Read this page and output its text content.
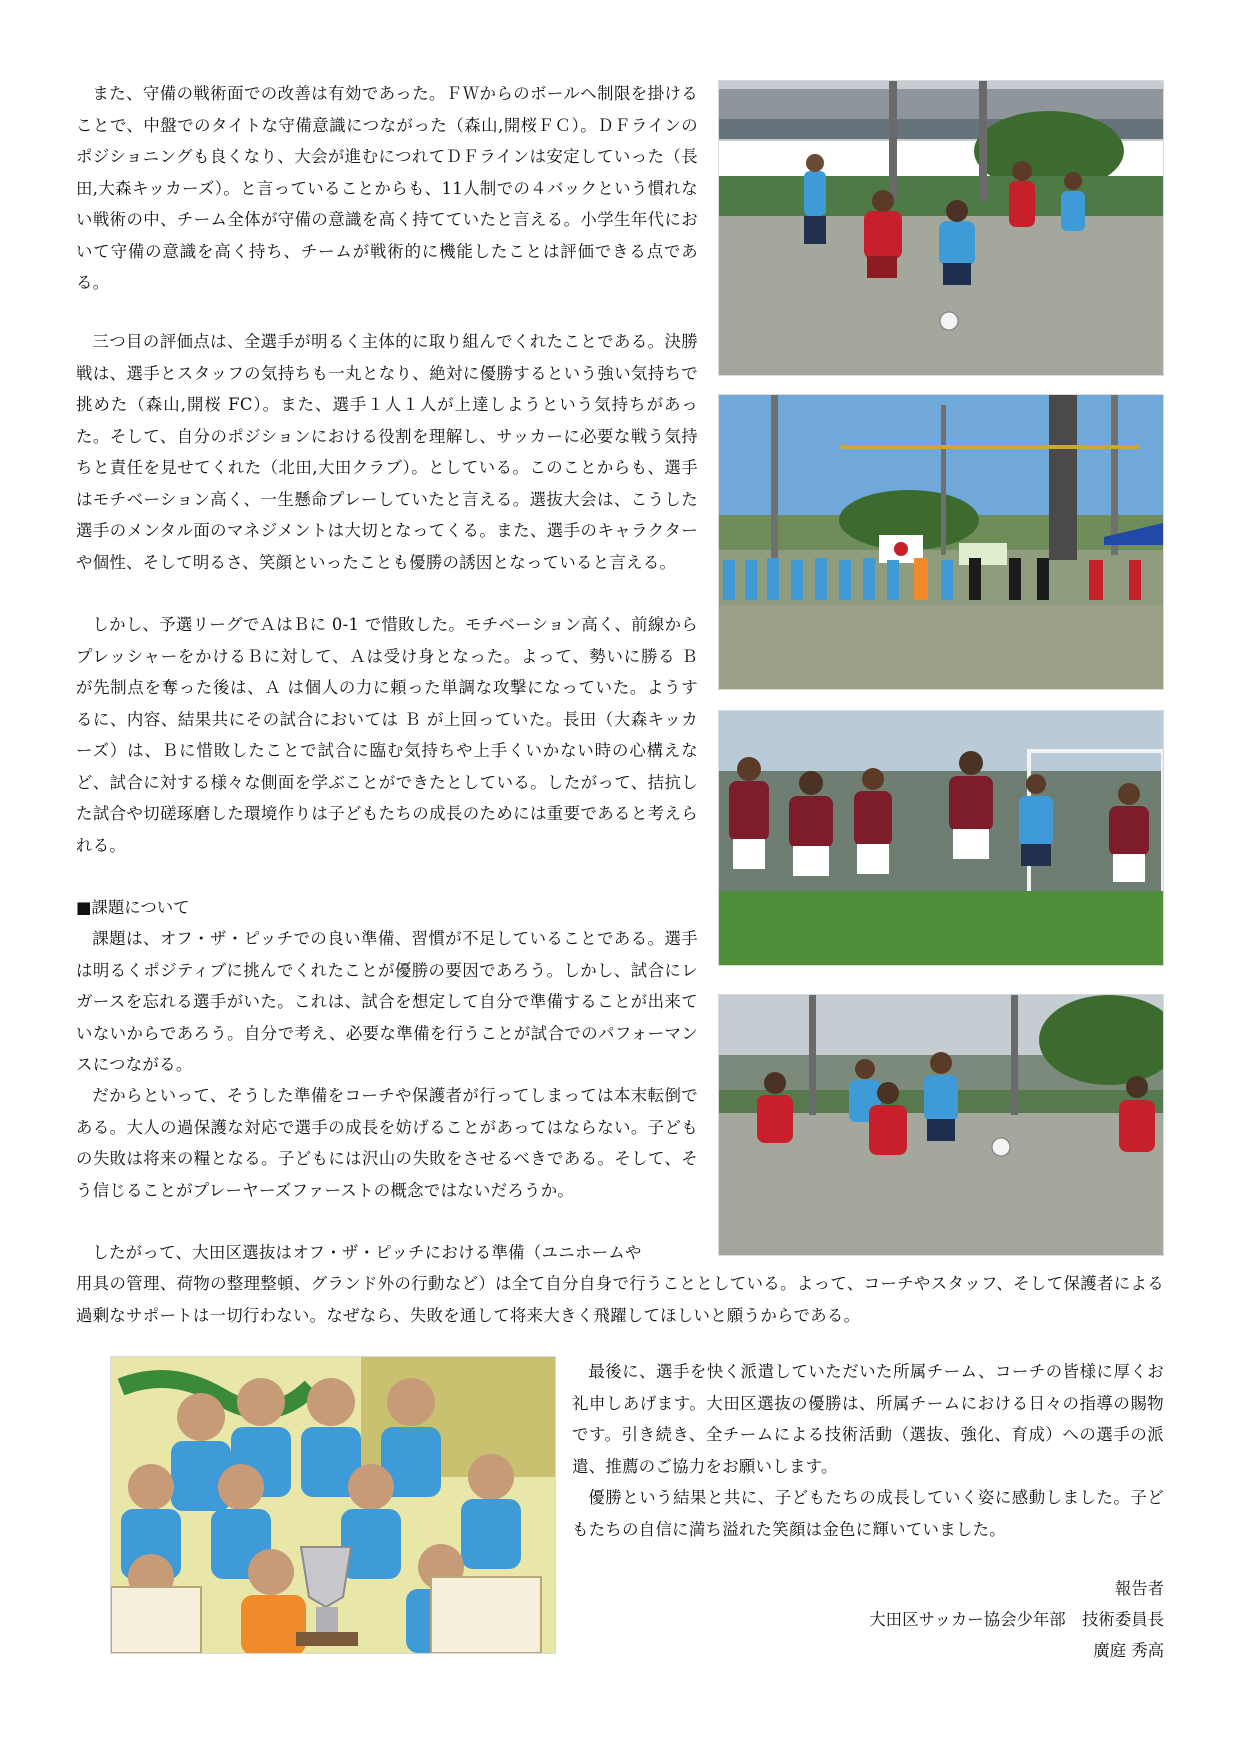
また、守備の戦術面での改善は有効であった。ＦＷからのボールへ制限を掛けることで、中盤でのタイトな守備意識につながった（森山,開桜ＦＣ）。ＤＦラインのポジショニングも良くなり、大会が進むにつれてＤＦラインは安定していった（長田,大森キッカーズ）。と言っていることからも、11人制での４バックという慣れない戦術の中、チーム全体が守備の意識を高く持てていたと言える。小学生年代において守備の意識を高く持ち、チームが戦術的に機能したことは評価できる点である。

三つ目の評価点は、全選手が明るく主体的に取り組んでくれたことである。決勝戦は、選手とスタッフの気持ちも一丸となり、絶対に優勝するという強い気持ちで挑めた（森山,開桜 FC）。また、選手１人１人が上達しようという気持ちがあった。そして、自分のポジションにおける役割を理解し、サッカーに必要な戦う気持ちと責任を見せてくれた（北田,大田クラブ）。としている。このことからも、選手はモチベーション高く、一生懸命プレーしていたと言える。選抜大会は、こうした選手のメンタル面のマネジメントは大切となってくる。また、選手のキャラクターや個性、そして明るさ、笑顔といったことも優勝の誘因となっていると言える。

しかし、予選リーグでＡはＢに 0-1 で惜敗した。モチベーション高く、前線からプレッシャーをかけるＢに対して、Ａは受け身となった。よって、勢いに勝る Ｂ が先制点を奪った後は、Ａ は個人の力に頼った単調な攻撃になっていた。ようするに、内容、結果共にその試合においては Ｂ が上回っていた。長田（大森キッカーズ）は、Ｂに惜敗したことで試合に臨む気持ちや上手くいかない時の心構えなど、試合に対する様々な側面を学ぶことができたとしている。したがって、拮抗した試合や切磋琢磨した環境作りは子どもたちの成長のためには重要であると考えられる。

■課題について

課題は、オフ・ザ・ピッチでの良い準備、習慣が不足していることである。選手は明るくポジティブに挑んでくれたことが優勝の要因であろう。しかし、試合にレガースを忘れる選手がいた。これは、試合を想定して自分で準備することが出来ていないからであろう。自分で考え、必要な準備を行うことが試合でのパフォーマンスにつながる。

だからといって、そうした準備をコーチや保護者が行ってしまっては本末転倒である。大人の過保護な対応で選手の成長を妨げることがあってはならない。子どもの失敗は将来の糧となる。子どもには沢山の失敗をさせるべきである。そして、そう信じることがプレーヤーズファーストの概念ではないだろうか。

したがって、大田区選抜はオフ・ザ・ピッチにおける準備（ユニホームや

用具の管理、荷物の整理整頓、グランド外の行動など）は全て自分自身で行うこととしている。よって、コーチやスタッフ、そして保護者による過剰なサポートは一切行わない。なぜなら、失敗を通して将来大きく飛躍してほしいと願うからである。

最後に、選手を快く派遣していただいた所属チーム、コーチの皆様に厚くお礼申しあげます。大田区選抜の優勝は、所属チームにおける日々の指導の賜物です。引き続き、全チームによる技術活動（選抜、強化、育成）への選手の派遣、推薦のご協力をお願いします。

優勝という結果と共に、子どもたちの成長していく姿に感動しました。子どもたちの自信に満ち溢れた笑顔は金色に輝いていました。

報告者

大田区サッカー協会少年部　技術委員長

廣庭 秀高
